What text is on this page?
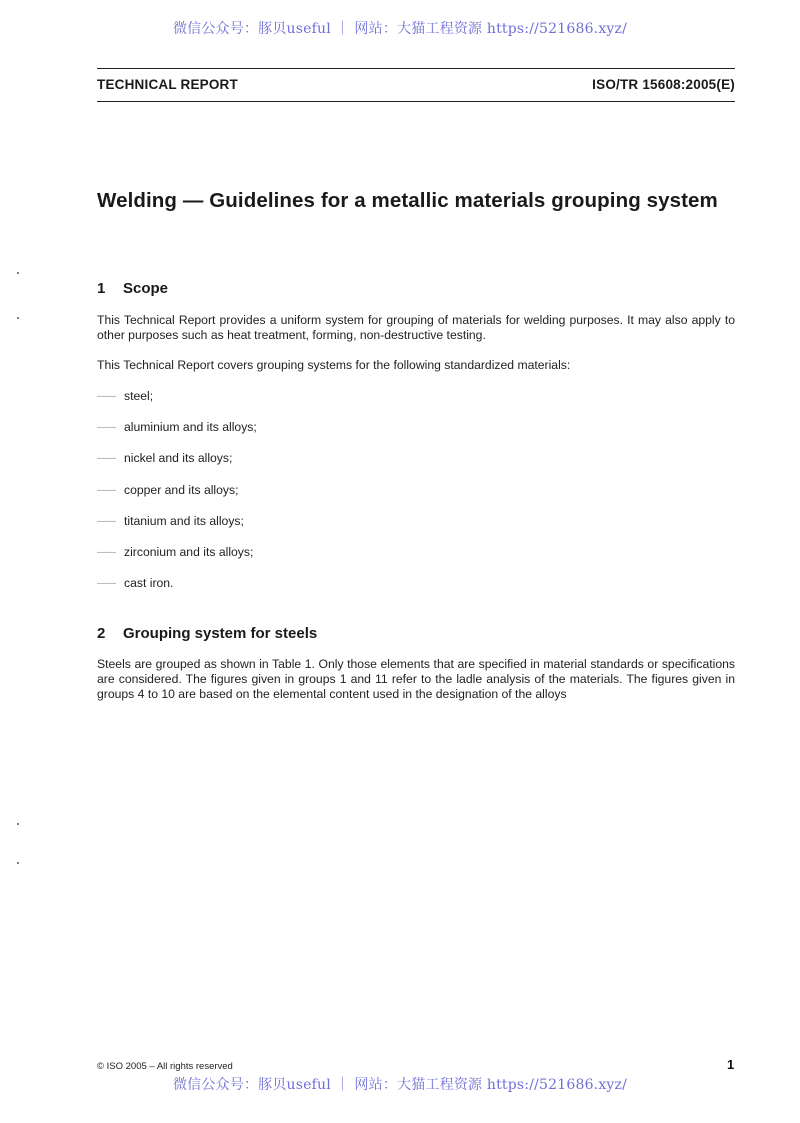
微信公众号：豚贝useful ｜ 网站：大猫工程资源 https://521686.xyz/
TECHNICAL REPORT	ISO/TR 15608:2005(E)
Welding — Guidelines for a metallic materials grouping system
1 Scope
This Technical Report provides a uniform system for grouping of materials for welding purposes. It may also apply to other purposes such as heat treatment, forming, non-destructive testing.
This Technical Report covers grouping systems for the following standardized materials:
—— steel;
—— aluminium and its alloys;
—— nickel and its alloys;
—— copper and its alloys;
—— titanium and its alloys;
—— zirconium and its alloys;
—— cast iron.
2 Grouping system for steels
Steels are grouped as shown in Table 1. Only those elements that are specified in material standards or specifications are considered. The figures given in groups 1 and 11 refer to the ladle analysis of the materials. The figures given in groups 4 to 10 are based on the elemental content used in the designation of the alloys
© ISO 2005 – All rights reserved	1
微信公众号：豚贝useful ｜ 网站：大猫工程资源 https://521686.xyz/
